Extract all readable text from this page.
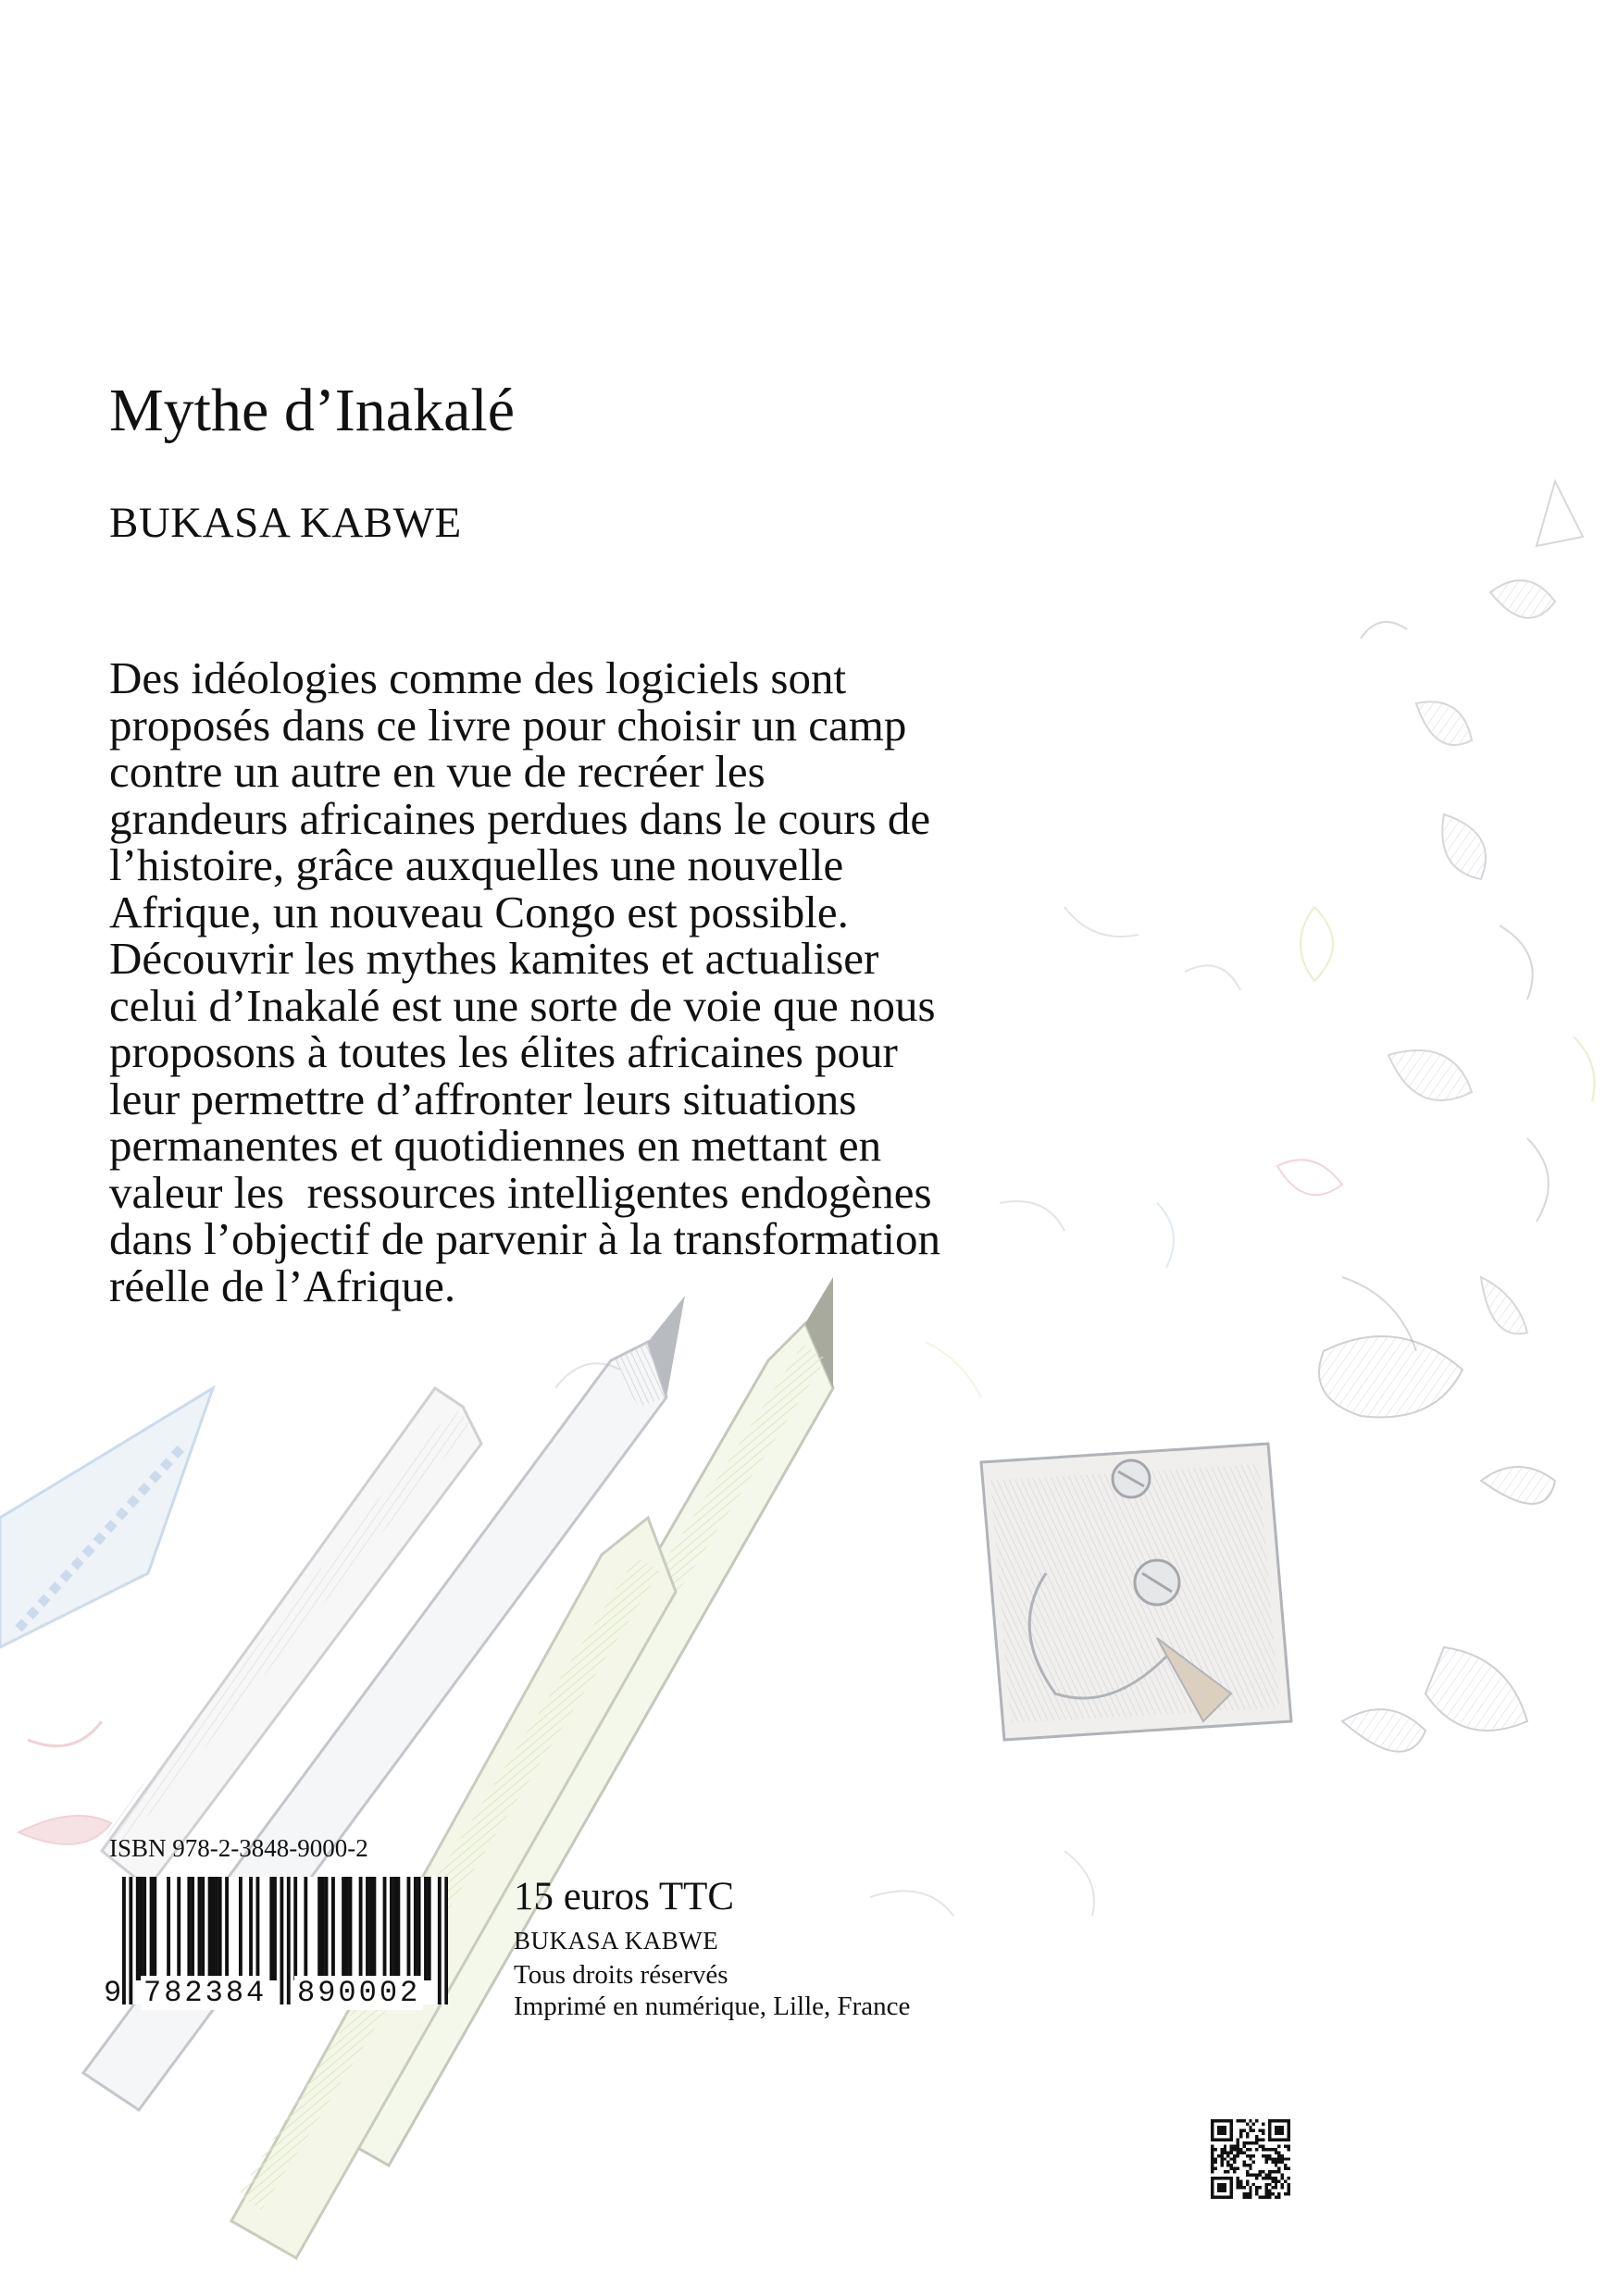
Mythe d’Inakalé
BUKASA KABWE
Des idéologies comme des logiciels sont
proposés dans ce livre pour choisir un camp
contre un autre en vue de recréer les
grandeurs africaines perdues dans le cours de
l’histoire, grâce auxquelles une nouvelle
Afrique, un nouveau Congo est possible.
Découvrir les mythes kamites et actualiser
celui d’Inakalé est une sorte de voie que nous
proposons à toutes les élites africaines pour
leur permettre d’affronter leurs situations
permanentes et quotidiennes en mettant en
valeur les  ressources intelligentes endogènes
dans l’objectif de parvenir à la transformation
réelle de l’Afrique.
ISBN 978-2-3848-9000-2
9 782384 890002
15 euros TTC
BUKASA KABWE
Tous droits réservés
Imprimé en numérique, Lille, France
